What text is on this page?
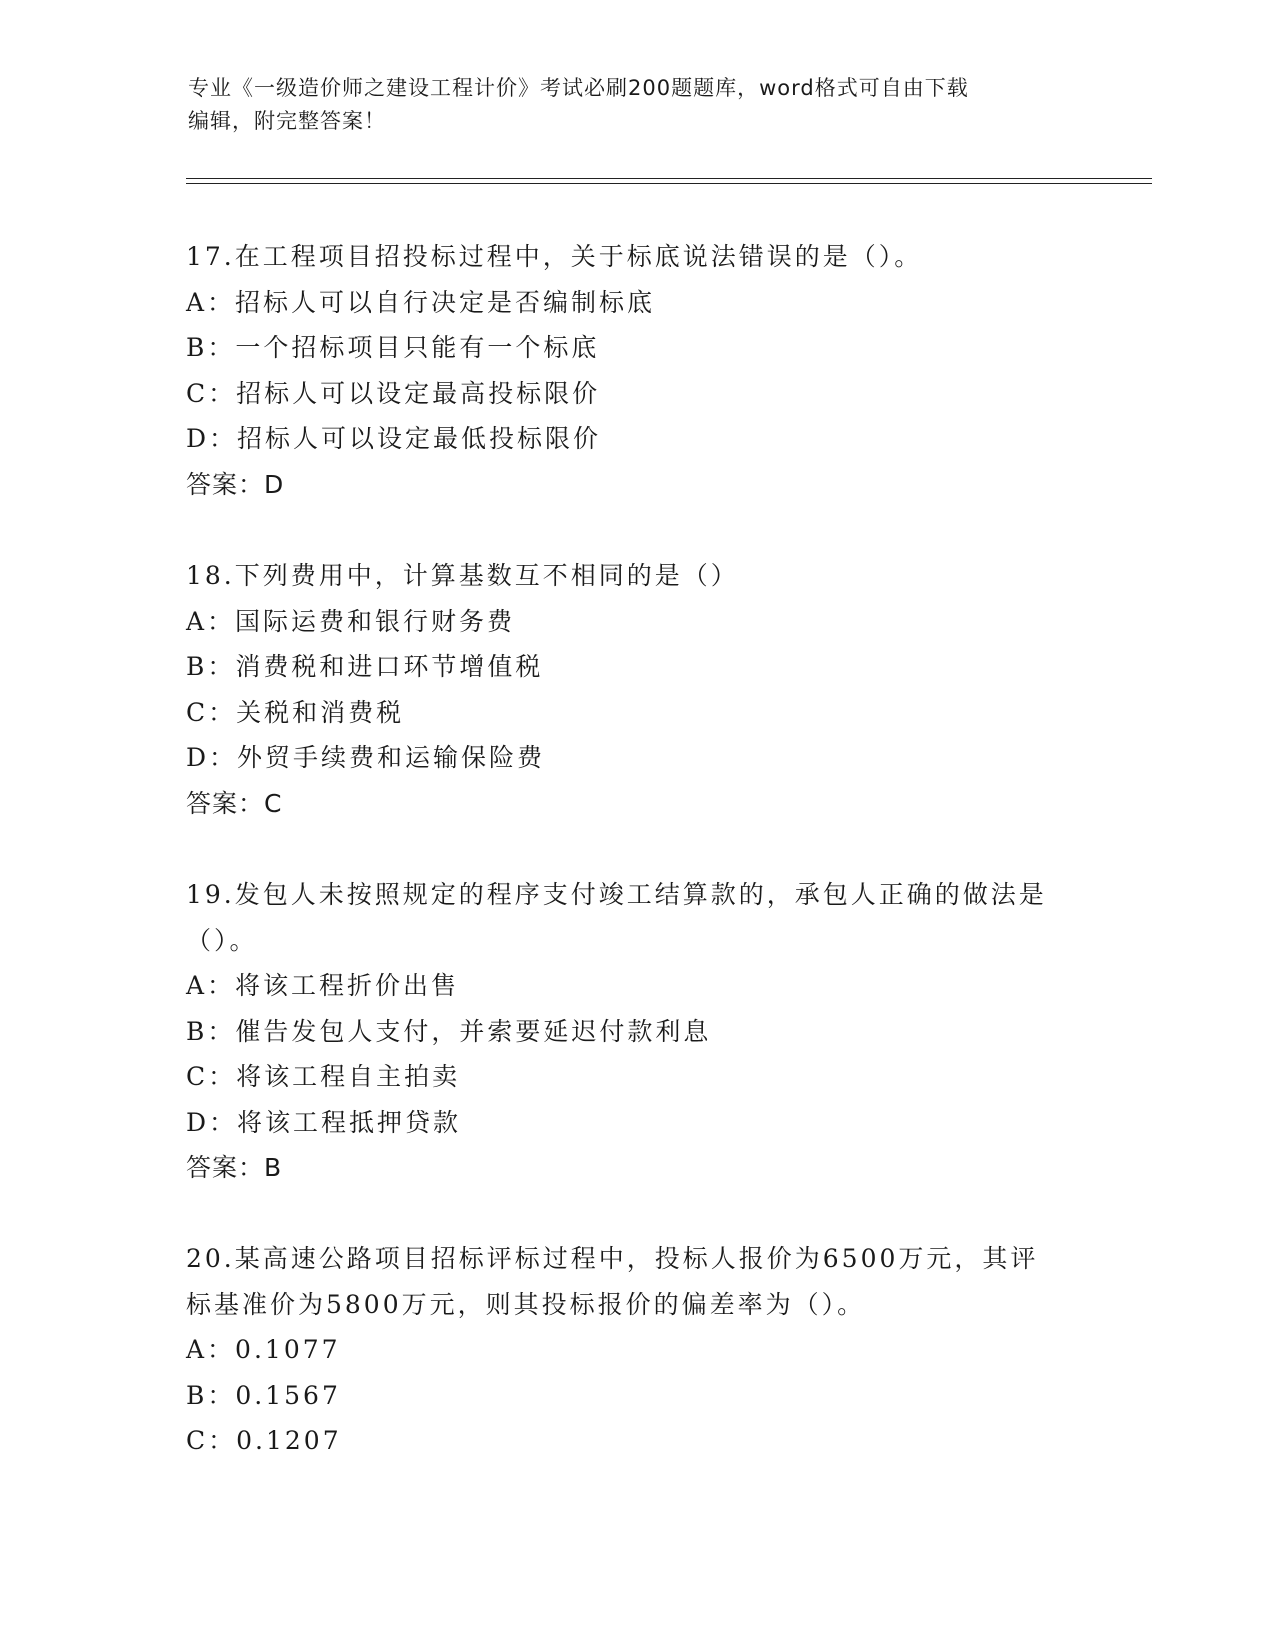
专业《一级造价师之建设工程计价》考试必刷200题题库，word格式可自由下载
编辑，附完整答案！
17.在工程项目招投标过程中，关于标底说法错误的是（）。
A：招标人可以自行决定是否编制标底
B：一个招标项目只能有一个标底
C：招标人可以设定最高投标限价
D：招标人可以设定最低投标限价
答案：D
18.下列费用中，计算基数互不相同的是（）
A：国际运费和银行财务费
B：消费税和进口环节增值税
C：关税和消费税
D：外贸手续费和运输保险费
答案：C
19.发包人未按照规定的程序支付竣工结算款的，承包人正确的做法是
（）。
A：将该工程折价出售
B：催告发包人支付，并索要延迟付款利息
C：将该工程自主拍卖
D：将该工程抵押贷款
答案：B
20.某高速公路项目招标评标过程中，投标人报价为6500万元，其评
标基准价为5800万元，则其投标报价的偏差率为（）。
A：0.1077
B：0.1567
C：0.1207
